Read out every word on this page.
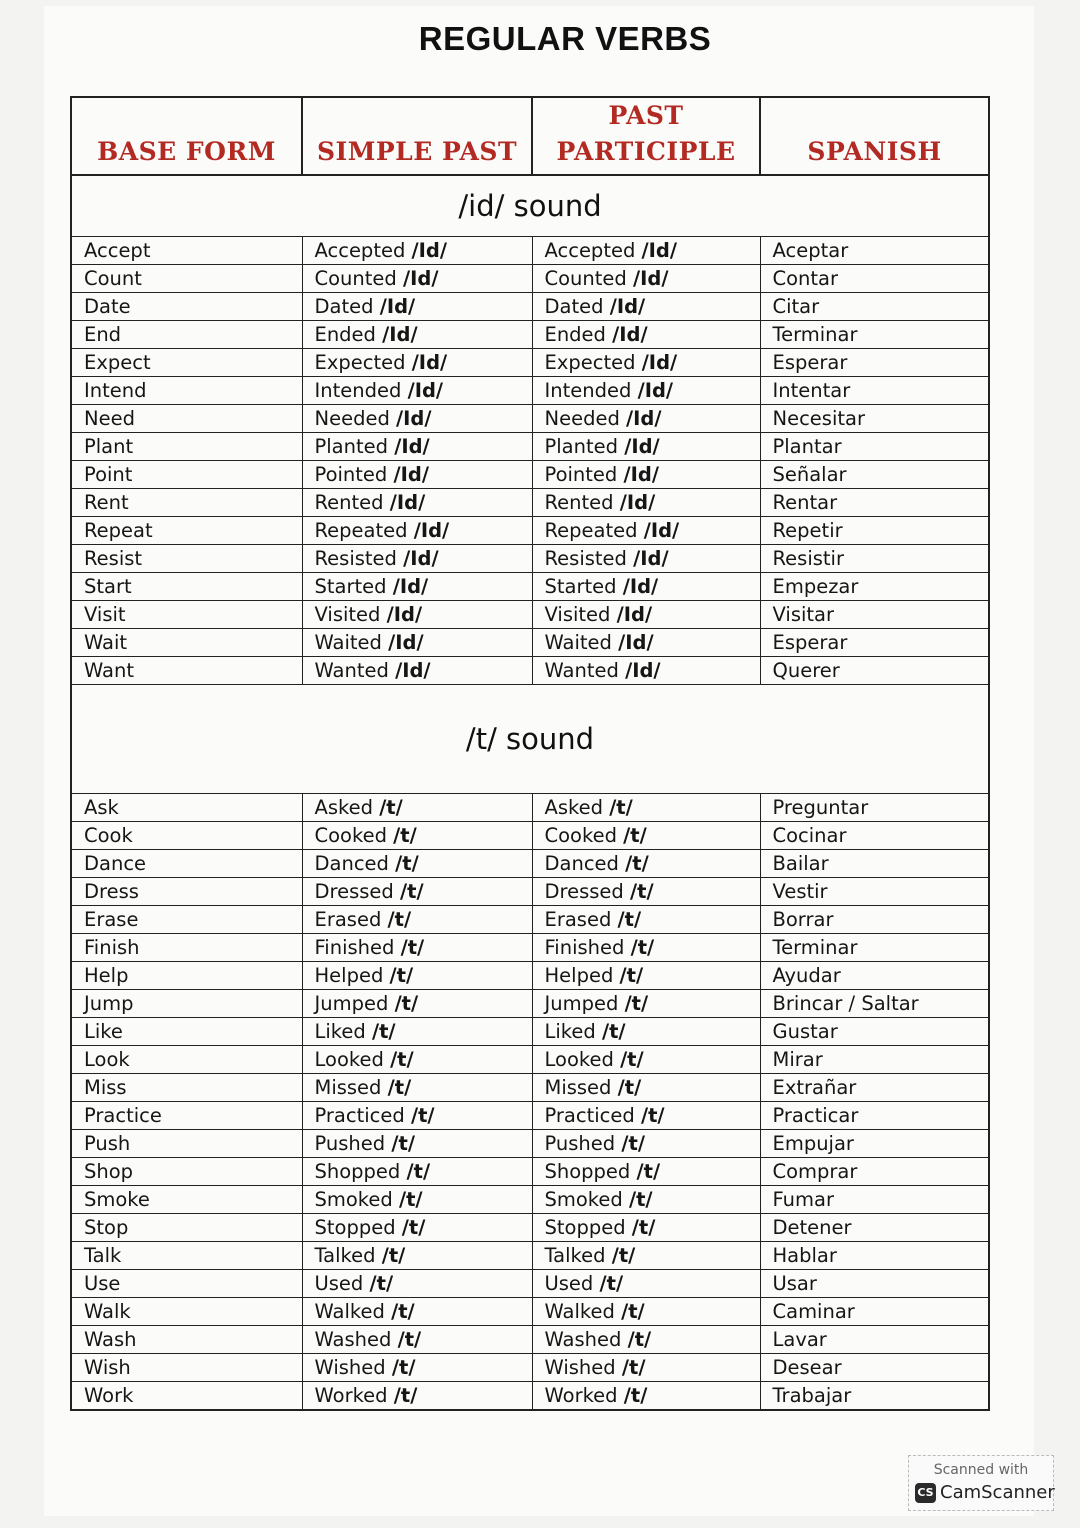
REGULAR VERBS
BASE FORM	SIMPLE PAST	PAST PARTICIPLE	SPANISH
/id/ sound			
Accept	Accepted /Id/	Accepted /Id/	Aceptar
Count	Counted /Id/	Counted /Id/	Contar
Date	Dated /Id/	Dated /Id/	Citar
End	Ended /Id/	Ended /Id/	Terminar
Expect	Expected /Id/	Expected /Id/	Esperar
Intend	Intended /Id/	Intended /Id/	Intentar
Need	Needed /Id/	Needed /Id/	Necesitar
Plant	Planted /Id/	Planted /Id/	Plantar
Point	Pointed /Id/	Pointed /Id/	Señalar
Rent	Rented /Id/	Rented /Id/	Rentar
Repeat	Repeated /Id/	Repeated /Id/	Repetir
Resist	Resisted /Id/	Resisted /Id/	Resistir
Start	Started /Id/	Started /Id/	Empezar
Visit	Visited /Id/	Visited /Id/	Visitar
Wait	Waited /Id/	Waited /Id/	Esperar
Want	Wanted /Id/	Wanted /Id/	Querer
/t/ sound			
Ask	Asked /t/	Asked /t/	Preguntar
Cook	Cooked /t/	Cooked /t/	Cocinar
Dance	Danced /t/	Danced /t/	Bailar
Dress	Dressed /t/	Dressed /t/	Vestir
Erase	Erased /t/	Erased /t/	Borrar
Finish	Finished /t/	Finished /t/	Terminar
Help	Helped /t/	Helped /t/	Ayudar
Jump	Jumped /t/	Jumped /t/	Brincar / Saltar
Like	Liked /t/	Liked /t/	Gustar
Look	Looked /t/	Looked /t/	Mirar
Miss	Missed /t/	Missed /t/	Extrañar
Practice	Practiced /t/	Practiced /t/	Practicar
Push	Pushed /t/	Pushed /t/	Empujar
Shop	Shopped /t/	Shopped /t/	Comprar
Smoke	Smoked /t/	Smoked /t/	Fumar
Stop	Stopped /t/	Stopped /t/	Detener
Talk	Talked /t/	Talked /t/	Hablar
Use	Used /t/	Used /t/	Usar
Walk	Walked /t/	Walked /t/	Caminar
Wash	Washed /t/	Washed /t/	Lavar
Wish	Wished /t/	Wished /t/	Desear
Work	Worked /t/	Worked /t/	Trabajar
Scanned with
CS CamScanner
